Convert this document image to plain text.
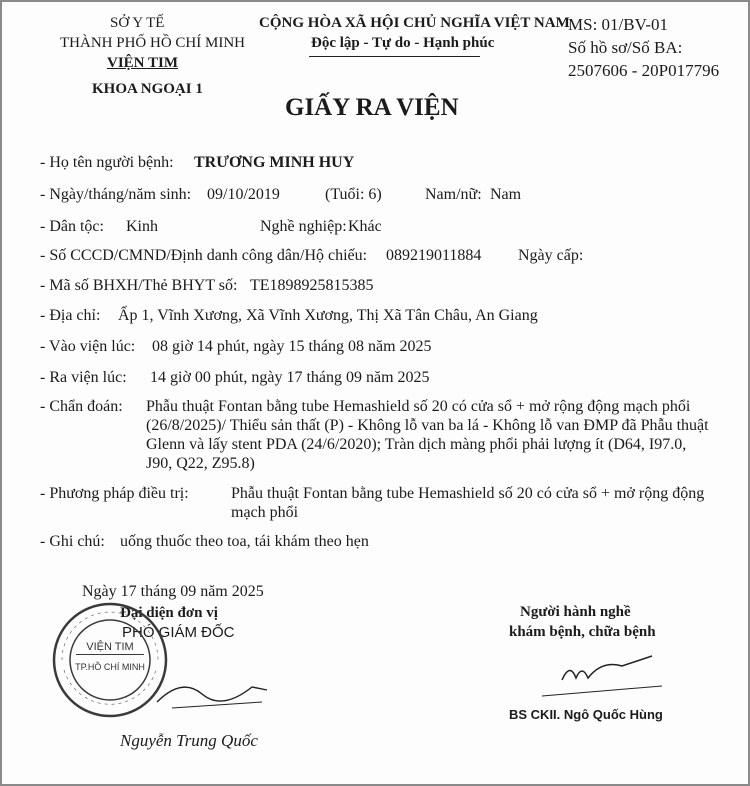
SỞ Y TẾ
THÀNH PHỐ HỒ CHÍ MINH
VIỆN TIM
KHOA NGOẠI 1
CỘNG HÒA XÃ HỘI CHỦ NGHĨA VIỆT NAM
Độc lập - Tự do - Hạnh phúc
MS: 01/BV-01
Số hồ sơ/Số BA:
2507606 - 20P017796
GIẤY RA VIỆN
- Họ tên người bệnh: TRƯƠNG MINH HUY
- Ngày/tháng/năm sinh: 09/10/2019	(Tuổi: 6)	Nam/nữ: Nam
- Dân tộc: Kinh	Nghề nghiệp: Khác
- Số CCCD/CMND/Định danh công dân/Hộ chiếu: 089219011884 Ngày cấp:
- Mã số BHXH/Thẻ BHYT số: TE1898925815385
- Địa chỉ: Ấp 1, Vĩnh Xương, Xã Vĩnh Xương, Thị Xã Tân Châu, An Giang
- Vào viện lúc: 08 giờ 14 phút, ngày 15 tháng 08 năm 2025
- Ra viện lúc: 14 giờ 00 phút, ngày 17 tháng 09 năm 2025
- Chẩn đoán: Phẫu thuật Fontan bằng tube Hemashield số 20 có cửa sổ + mở rộng động mạch phổi
(26/8/2025)/ Thiểu sản thất (P) - Không lỗ van ba lá - Không lỗ van ĐMP đã Phẫu thuật
Glenn và lấy stent PDA (24/6/2020); Tràn dịch màng phổi phải lượng ít (D64, I97.0,
J90, Q22, Z95.8)
- Phương pháp điều trị:	Phẫu thuật Fontan bằng tube Hemashield số 20 có cửa sổ + mở rộng động
mạch phổi
- Ghi chú: uống thuốc theo toa, tái khám theo hẹn
Ngày 17 tháng 09 năm 2025
Đại diện đơn vị
PHÓ GIÁM ĐỐC
VIỆN TIM
TP.HỒ CHÍ MINH
Nguyễn Trung Quốc
Người hành nghề
khám bệnh, chữa bệnh
BS CKII. Ngô Quốc Hùng
